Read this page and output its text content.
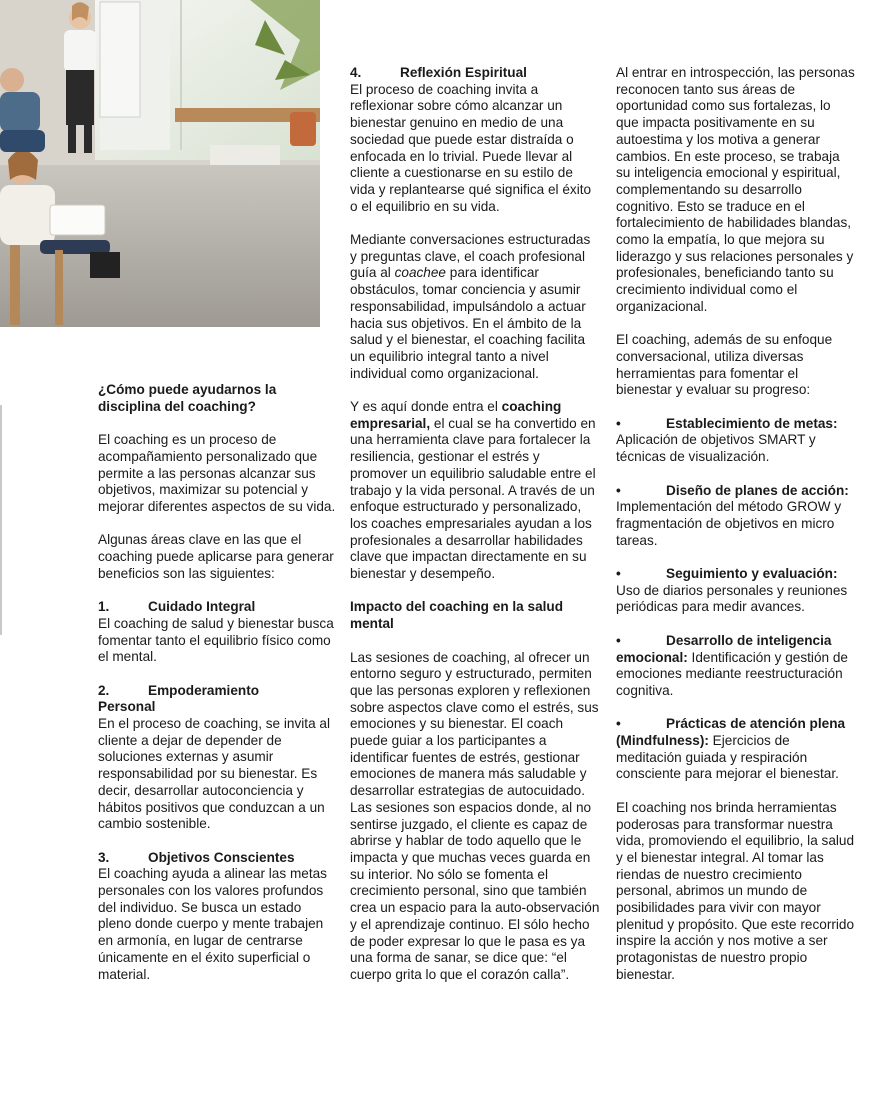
¿Cómo puede ayudarnos la disciplina del coaching?

El coaching es un proceso de acompañamiento personalizado que permite a las personas alcanzar sus objetivos, maximizar su potencial y mejorar diferentes aspectos de su vida.

Algunas áreas clave en las que el coaching puede aplicarse para generar beneficios son las siguientes:

1.	Cuidado Integral
El coaching de salud y bienestar busca fomentar tanto el equilibrio físico como el mental.
2.	Empoderamiento
Personal
En el proceso de coaching, se invita al cliente a dejar de depender de soluciones externas y asumir responsabilidad por su bienestar. Es decir, desarrollar autoconciencia y hábitos positivos que conduzcan a un cambio sostenible.
3.	Objetivos Conscientes
El coaching ayuda a alinear las metas personales con los valores profundos del individuo. Se busca un estado pleno donde cuerpo y mente trabajen en armonía, en lugar de centrarse únicamente en el éxito superficial o material.
4.	Reflexión Espiritual
El proceso de coaching invita a reflexionar sobre cómo alcanzar un bienestar genuino en medio de una sociedad que puede estar distraída o enfocada en lo trivial. Puede llevar al cliente a cuestionarse en su estilo de vida y replantearse qué significa el éxito o el equilibrio en su vida.

Mediante conversaciones estructuradas y preguntas clave, el coach profesional guía al coachee para identificar obstáculos, tomar conciencia y asumir responsabilidad, impulsándolo a actuar hacia sus objetivos. En el ámbito de la salud y el bienestar, el coaching facilita un equilibrio integral tanto a nivel individual como organizacional.

Y es aquí donde entra el coaching empresarial, el cual se ha convertido en una herramienta clave para fortalecer la resiliencia, gestionar el estrés y promover un equilibrio saludable entre el trabajo y la vida personal. A través de un enfoque estructurado y personalizado, los coaches empresariales ayudan a los profesionales a desarrollar habilidades clave que impactan directamente en su bienestar y desempeño.

Impacto del coaching en la salud mental

Las sesiones de coaching, al ofrecer un entorno seguro y estructurado, permiten que las personas exploren y reflexionen sobre aspectos clave como el estrés, sus emociones y su bienestar. El coach puede guiar a los participantes a identificar fuentes de estrés, gestionar emociones de manera más saludable y desarrollar estrategias de autocuidado. Las sesiones son espacios donde, al no sentirse juzgado, el cliente es capaz de abrirse y hablar de todo aquello que le impacta y que muchas veces guarda en su interior. No sólo se fomenta el crecimiento personal, sino que también crea un espacio para la auto-observación y el aprendizaje continuo. El sólo hecho de poder expresar lo que le pasa es ya una forma de sanar, se dice que: “el cuerpo grita lo que el corazón calla”.

Al entrar en introspección, las personas reconocen tanto sus áreas de oportunidad como sus fortalezas, lo que impacta positivamente en su autoestima y los motiva a generar cambios. En este proceso, se trabaja su inteligencia emocional y espiritual, complementando su desarrollo cognitivo. Esto se traduce en el fortalecimiento de habilidades blandas, como la empatía, lo que mejora su liderazgo y sus relaciones personales y profesionales, beneficiando tanto su crecimiento individual como el organizacional.

El coaching, además de su enfoque conversacional, utiliza diversas herramientas para fomentar el bienestar y evaluar su progreso:

•	Establecimiento de metas:
Aplicación de objetivos SMART y técnicas de visualización.
•	Diseño de planes de acción:
Implementación del método GROW y fragmentación de objetivos en micro tareas.
•	Seguimiento y evaluación:
Uso de diarios personales y reuniones periódicas para medir avances.
•	Desarrollo de inteligencia
emocional: Identificación y gestión de emociones mediante reestructuración cognitiva.
•	Prácticas de atención plena
(Mindfulness): Ejercicios de meditación guiada y respiración consciente para mejorar el bienestar.

El coaching nos brinda herramientas poderosas para transformar nuestra vida, promoviendo el equilibrio, la salud y el bienestar integral. Al tomar las riendas de nuestro crecimiento personal, abrimos un mundo de posibilidades para vivir con mayor plenitud y propósito. Que este recorrido inspire la acción y nos motive a ser protagonistas de nuestro propio bienestar.
